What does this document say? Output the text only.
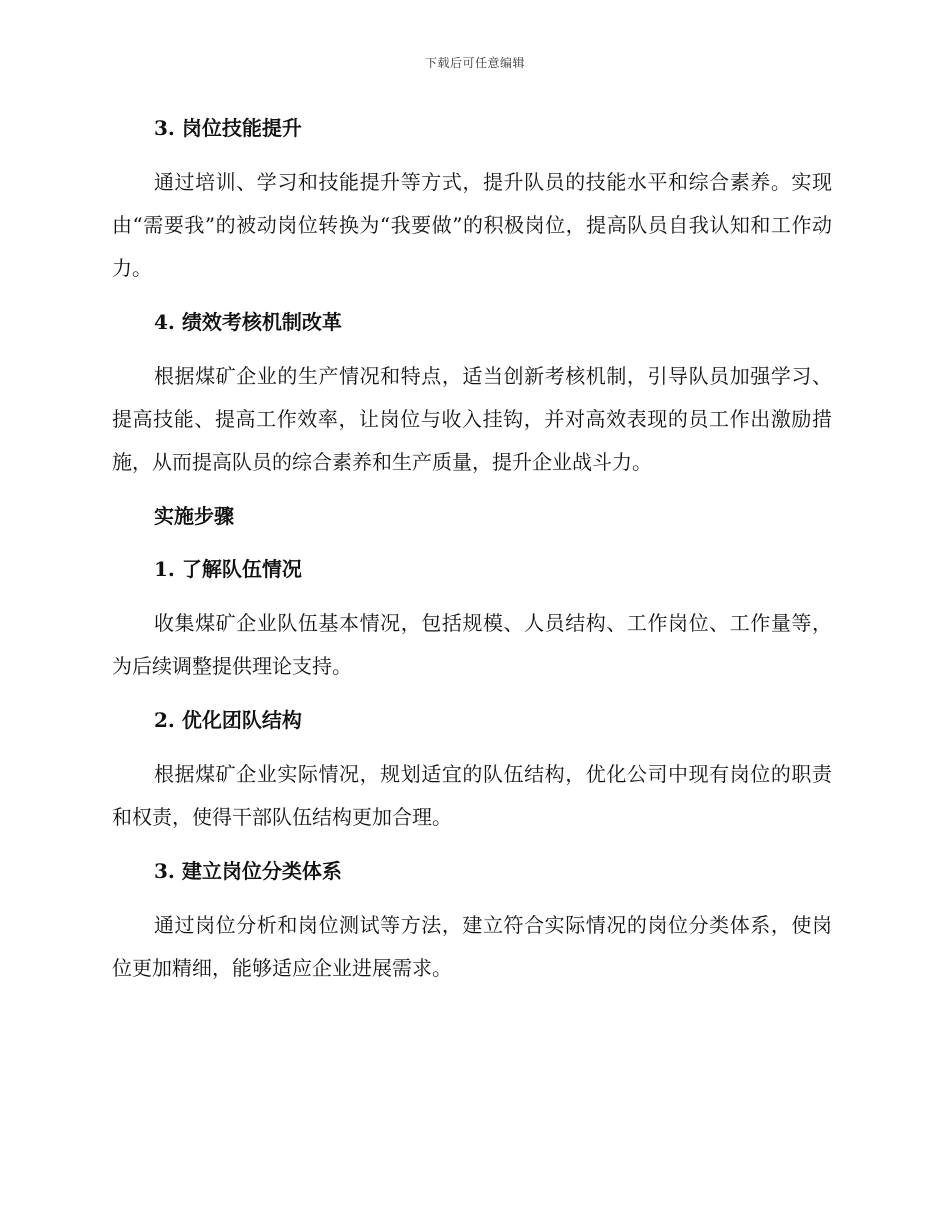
下载后可任意编辑
3. 岗位技能提升
通过培训、学习和技能提升等方式，提升队员的技能水平和综合素养。实现由“需要我”的被动岗位转换为“我要做”的积极岗位，提高队员自我认知和工作动力。
4. 绩效考核机制改革
根据煤矿企业的生产情况和特点，适当创新考核机制，引导队员加强学习、提高技能、提高工作效率，让岗位与收入挂钩，并对高效表现的员工作出激励措施，从而提高队员的综合素养和生产质量，提升企业战斗力。
实施步骤
1. 了解队伍情况
收集煤矿企业队伍基本情况，包括规模、人员结构、工作岗位、工作量等，为后续调整提供理论支持。
2. 优化团队结构
根据煤矿企业实际情况，规划适宜的队伍结构，优化公司中现有岗位的职责和权责，使得干部队伍结构更加合理。
3. 建立岗位分类体系
通过岗位分析和岗位测试等方法，建立符合实际情况的岗位分类体系，使岗位更加精细，能够适应企业进展需求。
